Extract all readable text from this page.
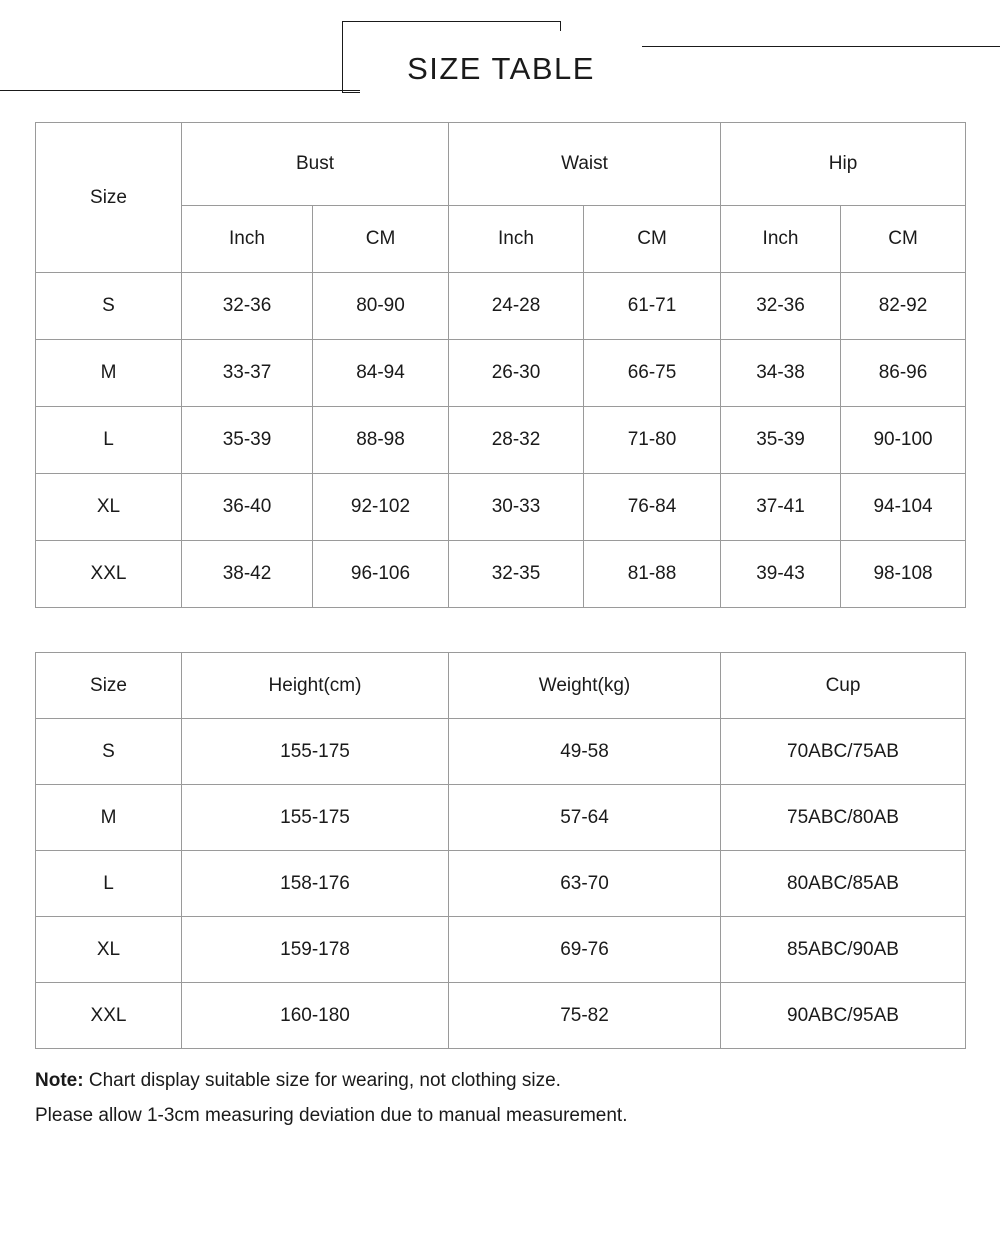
SIZE TABLE
Size	Bust		Waist		Hip	
	Inch	CM	Inch	CM	Inch	CM
S	32-36	80-90	24-28	61-71	32-36	82-92
M	33-37	84-94	26-30	66-75	34-38	86-96
L	35-39	88-98	28-32	71-80	35-39	90-100
XL	36-40	92-102	30-33	76-84	37-41	94-104
XXL	38-42	96-106	32-35	81-88	39-43	98-108
Size	Height(cm)	Weight(kg)	Cup
S	155-175	49-58	70ABC/75AB
M	155-175	57-64	75ABC/80AB
L	158-176	63-70	80ABC/85AB
XL	159-178	69-76	85ABC/90AB
XXL	160-180	75-82	90ABC/95AB
Note: Chart display suitable size for wearing, not clothing size.
Please allow 1-3cm measuring deviation due to manual measurement.
